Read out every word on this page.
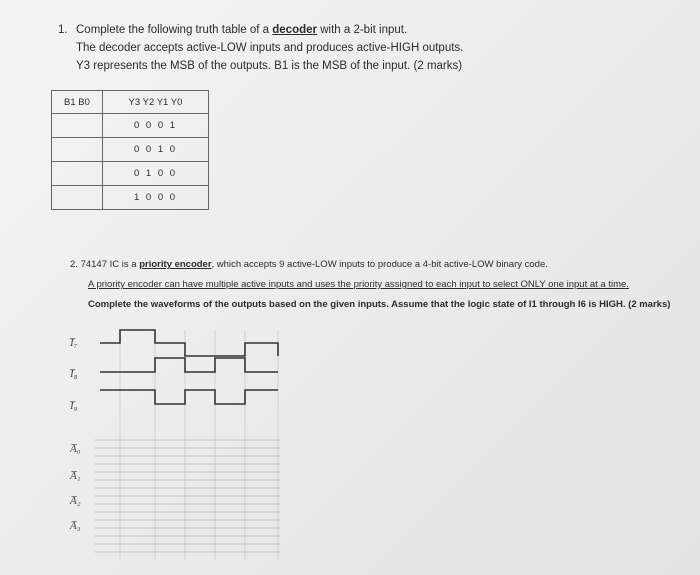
1. Complete the following truth table of a decoder with a 2-bit input.
The decoder accepts active-LOW inputs and produces active-HIGH outputs.
Y3 represents the MSB of the outputs. B1 is the MSB of the input. (2 marks)
B1 B0	Y3 Y2 Y1 Y0
	0 0 0 1
	0 0 1 0
	0 1 0 0
	1 0 0 0
2. 74147 IC is a priority encoder, which accepts 9 active-LOW inputs to produce a 4-bit active-LOW binary code.
A priority encoder can have multiple active inputs and uses the priority assigned to each input to select ONLY one input at a time.
Complete the waveforms of the outputs based on the given inputs. Assume that the logic state of I1 through I6 is HIGH. (2 marks)
I̅₇
I̅₈
I̅₉
A̅₀
A̅₁
A̅₂
A̅₃
